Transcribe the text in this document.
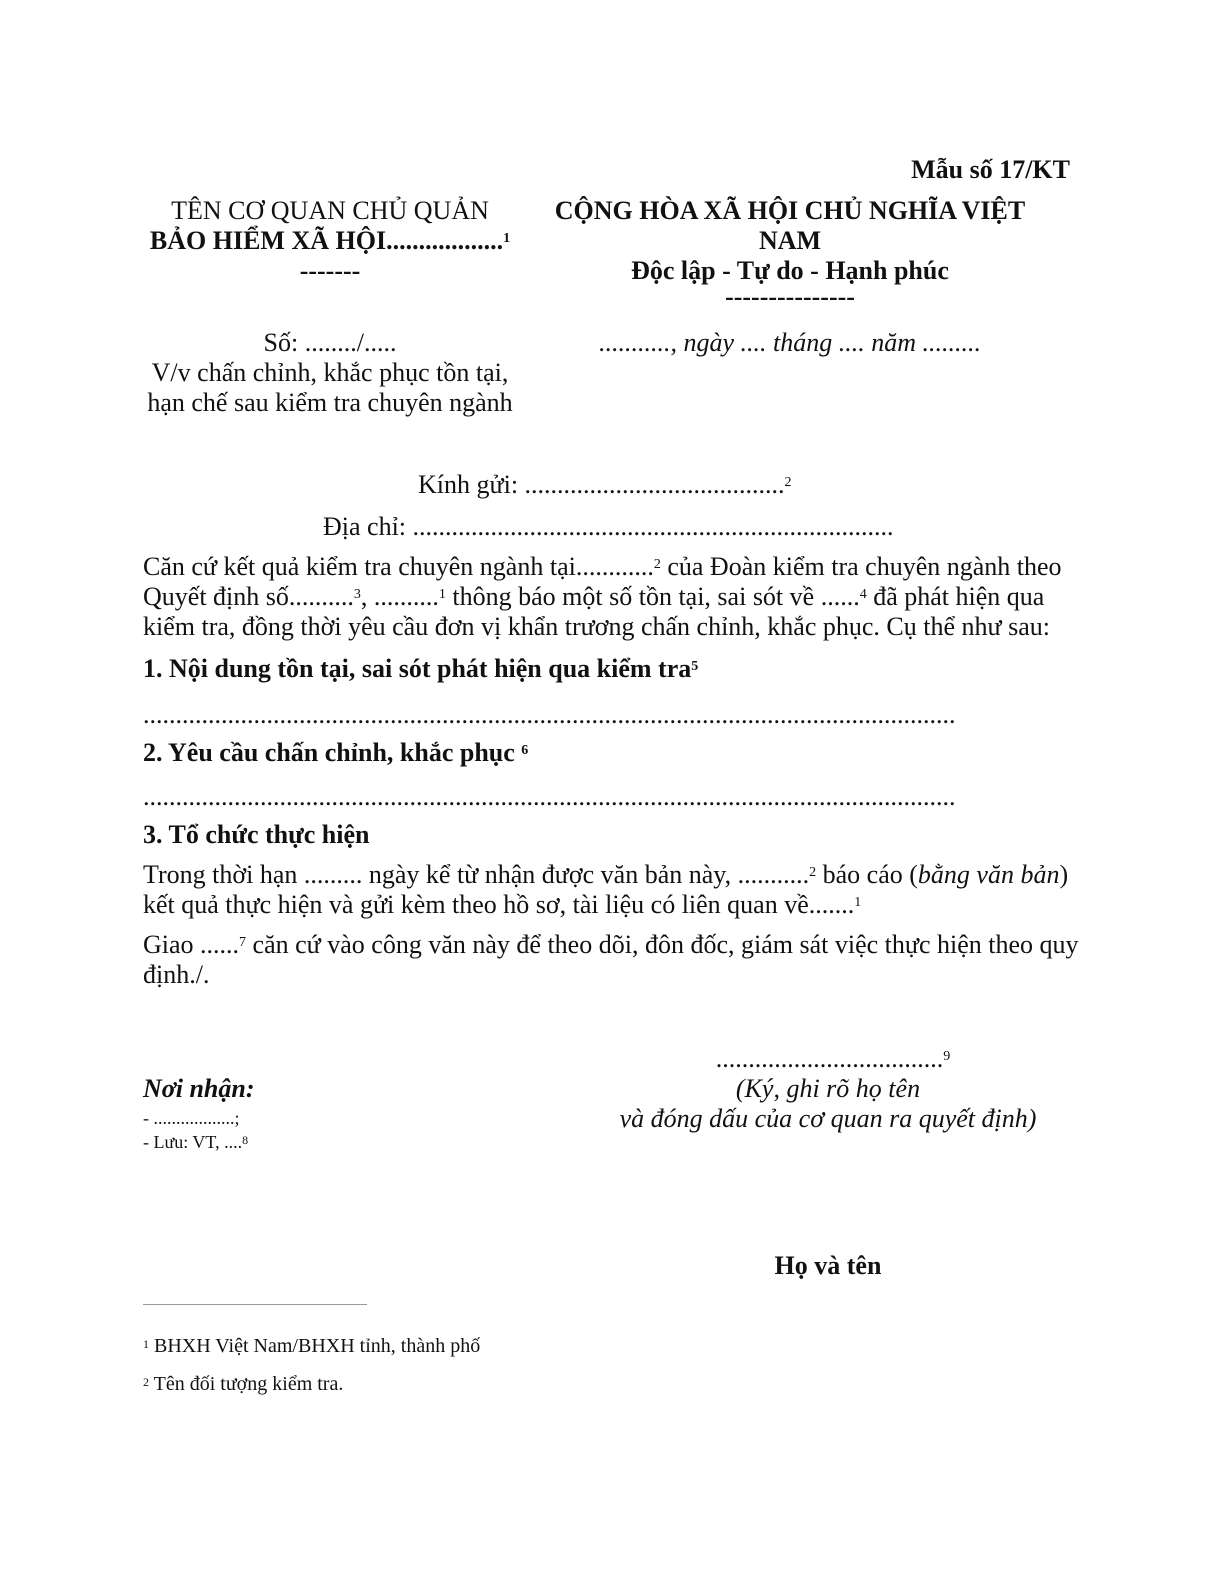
Mẫu số 17/KT
TÊN CƠ QUAN CHỦ QUẢN
BẢO HIỂM XÃ HỘI..................$^1$
-------
CỘNG HÒA XÃ HỘI CHỦ NGHĨA VIỆT
NAM
Độc lập - Tự do - Hạnh phúc
---------------
Số: ......../.....
V/v chấn chỉnh, khắc phục tồn tại,
hạn chế sau kiểm tra chuyên ngành
..........., ngày .... tháng .... năm .........
Kính gửi: ........................................$^2$
Địa chỉ: ..........................................................................
Căn cứ kết quả kiểm tra chuyên ngành tại............$^2$ của Đoàn kiểm tra chuyên ngành theo Quyết định số..........$^3$, ..........$^1$ thông báo một số tồn tại, sai sót về ......$^4$ đã phát hiện qua kiểm tra, đồng thời yêu cầu đơn vị khẩn trương chấn chỉnh, khắc phục. Cụ thể như sau:
1. Nội dung tồn tại, sai sót phát hiện qua kiểm tra$^5$
.............................................................................................................................
2. Yêu cầu chấn chỉnh, khắc phục $^6$
.............................................................................................................................
3. Tổ chức thực hiện
Trong thời hạn ......... ngày kể từ nhận được văn bản này, ...........$^2$ báo cáo (bằng văn bản) kết quả thực hiện và gửi kèm theo hồ sơ, tài liệu có liên quan về.......$^1$
Giao ......$^7$ căn cứ vào công văn này để theo dõi, đôn đốc, giám sát việc thực hiện theo quy định./.
Nơi nhận:
- ..................;
- Lưu: VT, ....$^8$
...................................$^9$
(Ký, ghi rõ họ tên
và đóng dấu của cơ quan ra quyết định)
Họ và tên
$^1$ BHXH Việt Nam/BHXH tỉnh, thành phố
$^2$ Tên đối tượng kiểm tra.
